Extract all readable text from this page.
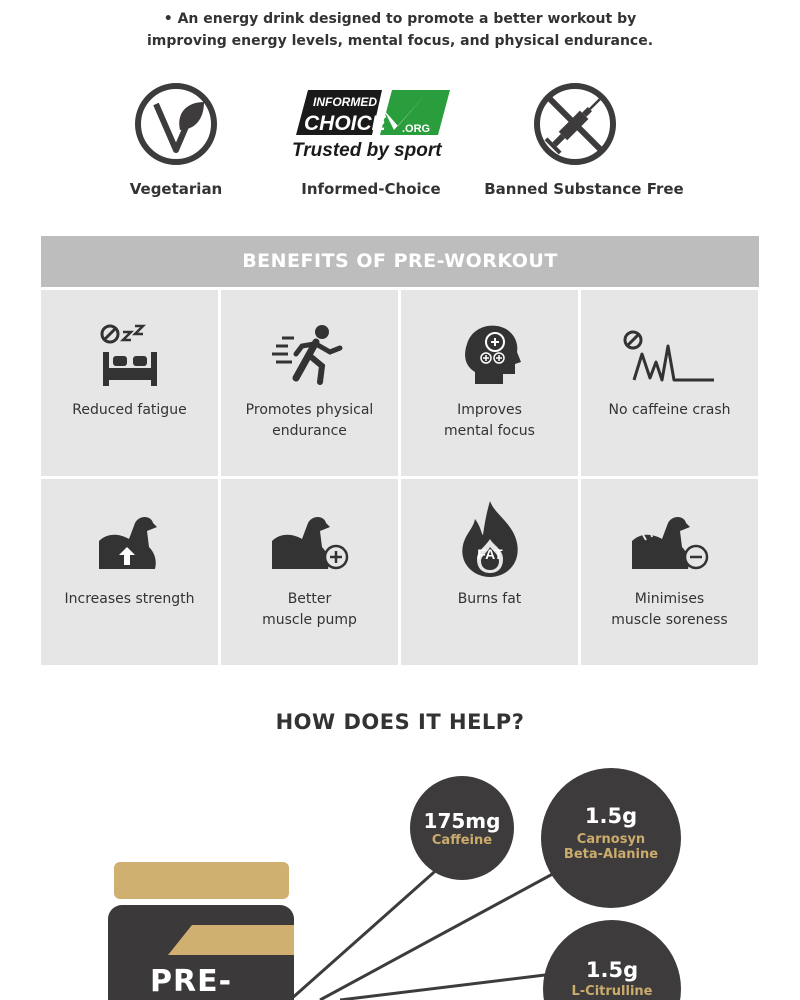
• An energy drink designed to promote a better workout by
improving energy levels, mental focus, and physical endurance.
Vegetarian
INFORMED
CHOICE .ORG
Trusted by sport
Informed-Choice	Banned Substance Free
BENEFITS OF PRE-WORKOUT
Reduced fatigue	Promotes physical
endurance
Improves
mental focus
No caffeine crash
Increases strength	Better
muscle pump
FAT
Burns fat	Minimises
muscle soreness
HOW DOES IT HELP?
175mg
Caffeine
1.5g
Carnosyn
Beta-Alanine
1.5g
L-Citrulline
PRE-
